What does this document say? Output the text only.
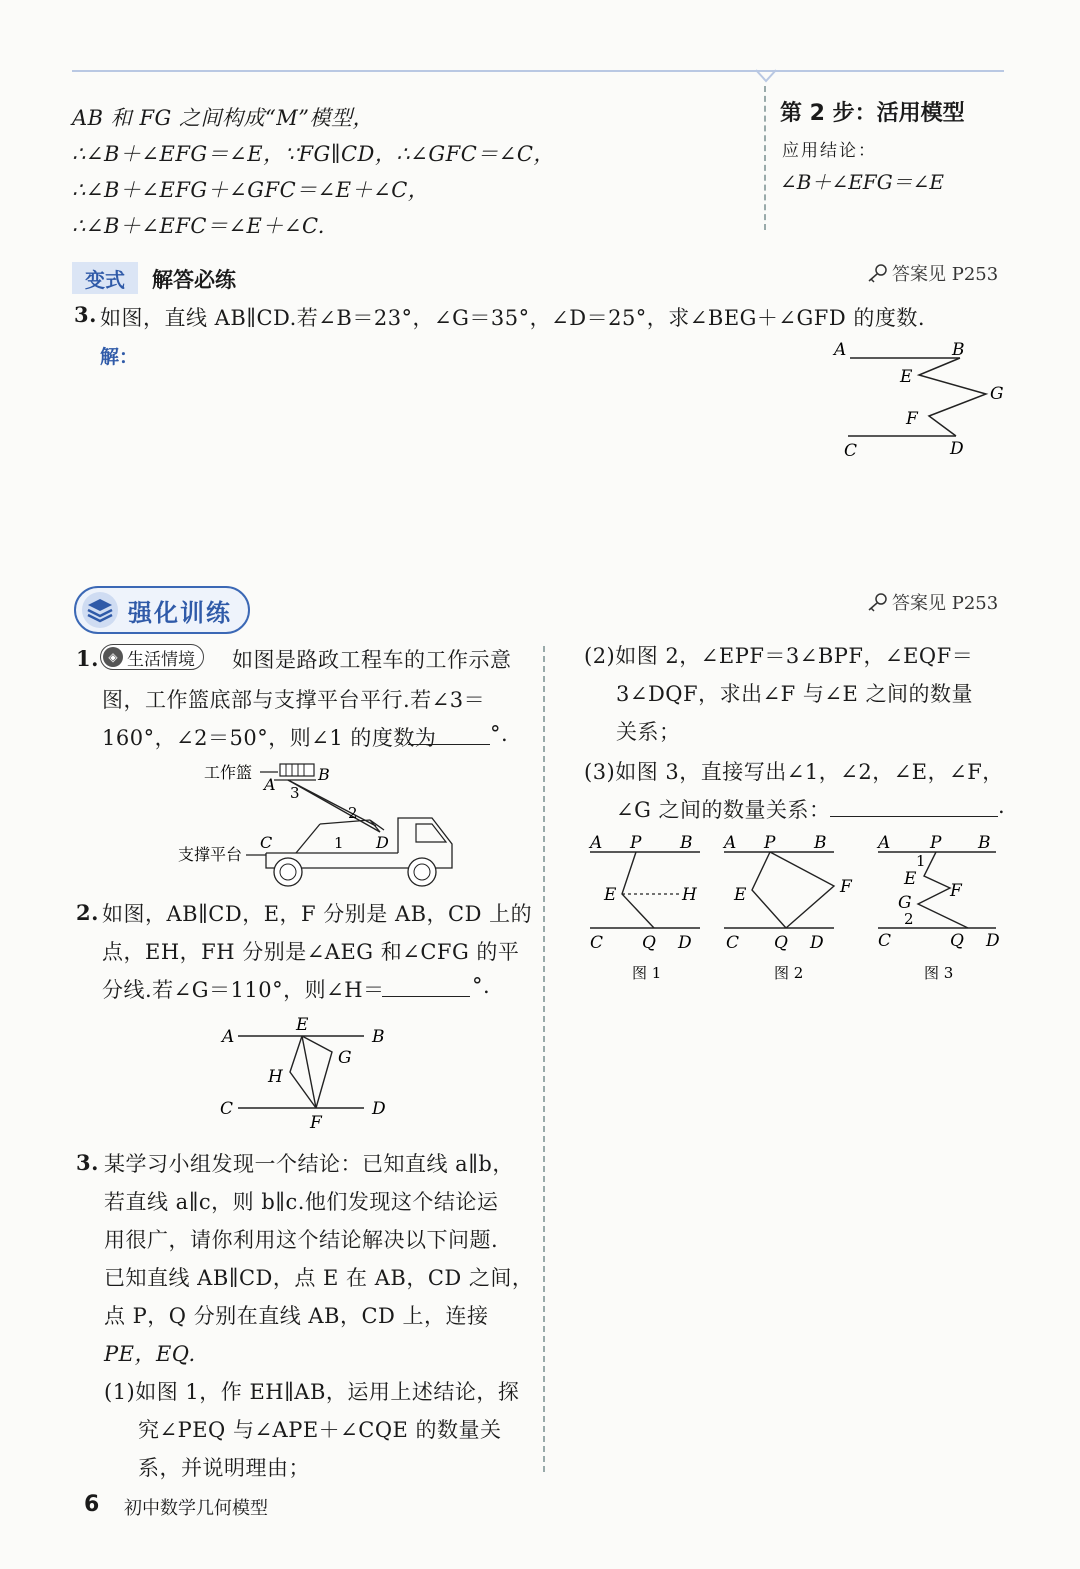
AB 和 FG 之间构成“M”模型，
∴∠B＋∠EFG＝∠E，∵FG∥CD，∴∠GFC＝∠C，
∴∠B＋∠EFG＋∠GFC＝∠E＋∠C，
∴∠B＋∠EFC＝∠E＋∠C.
第 2 步：活用模型
应用结论：
∠B＋∠EFG＝∠E
变式	解答必练	答案见 P253
3. 如图，直线 AB∥CD.若∠B＝23°，∠G＝35°，∠D＝25°，求∠BEG＋∠GFD 的度数.
解：	A	B
E
G
F
C	D
强化训练	答案见 P253
1. ◈ 生活情境 如图是路政工程车的工作示意
图，工作篮底部与支撑平台平行.若∠3＝
160°，∠2＝50°，则∠1 的度数为	°.
工作篮
A
B
3
2
C	1 D
支撑平台
2. 如图，AB∥CD，E，F 分别是 AB，CD 上的
点，EH，FH 分别是∠AEG 和∠CFG 的平
分线.若∠G＝110°，则∠H＝	°.
A
E
B
G
H
C
F
D
3. 某学习小组发现一个结论：已知直线 a∥b，
若直线 a∥c，则 b∥c.他们发现这个结论运
用很广，请你利用这个结论解决以下问题.
已知直线 AB∥CD，点 E 在 AB，CD 之间，
点 P，Q 分别在直线 AB，CD 上，连接
PE，EQ.
(1)如图 1，作 EH∥AB，运用上述结论，探
究∠PEQ 与∠APE＋∠CQE 的数量关
系，并说明理由；
(2)如图 2，∠EPF＝3∠BPF，∠EQF＝
3∠DQF，求出∠F 与∠E 之间的数量
关系；
(3)如图 3，直接写出∠1，∠2，∠E，∠F，
∠G 之间的数量关系：	.
A P B
E	H
C Q D
图 1
A P B
E	F
C Q D
图 2
A P B
1
E
F
G
2
C	Q D
图 3
6 初中数学几何模型
